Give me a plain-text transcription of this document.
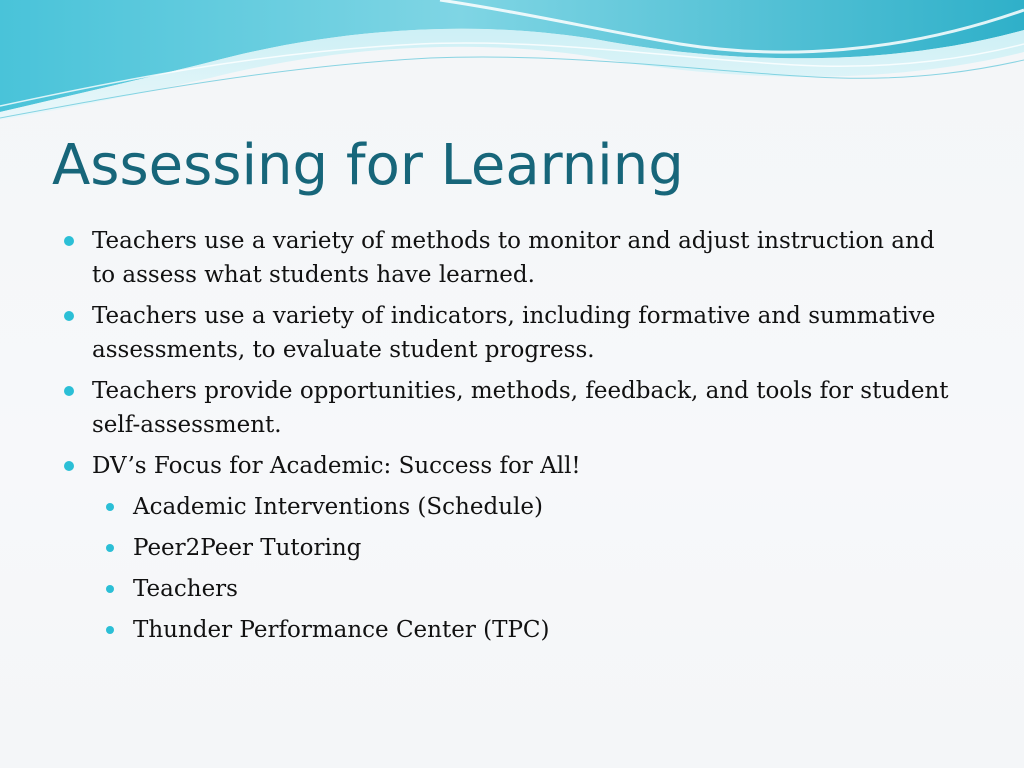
Assessing for Learning
Teachers use a variety of methods to monitor and adjust instruction and to assess what students have learned.
Teachers use a variety of indicators, including formative and summative assessments, to evaluate student progress.
Teachers provide opportunities, methods, feedback, and tools for student self-assessment.
DV’s Focus for Academic: Success for All!
Academic Interventions (Schedule)
Peer2Peer Tutoring
Teachers
Thunder Performance Center (TPC)
